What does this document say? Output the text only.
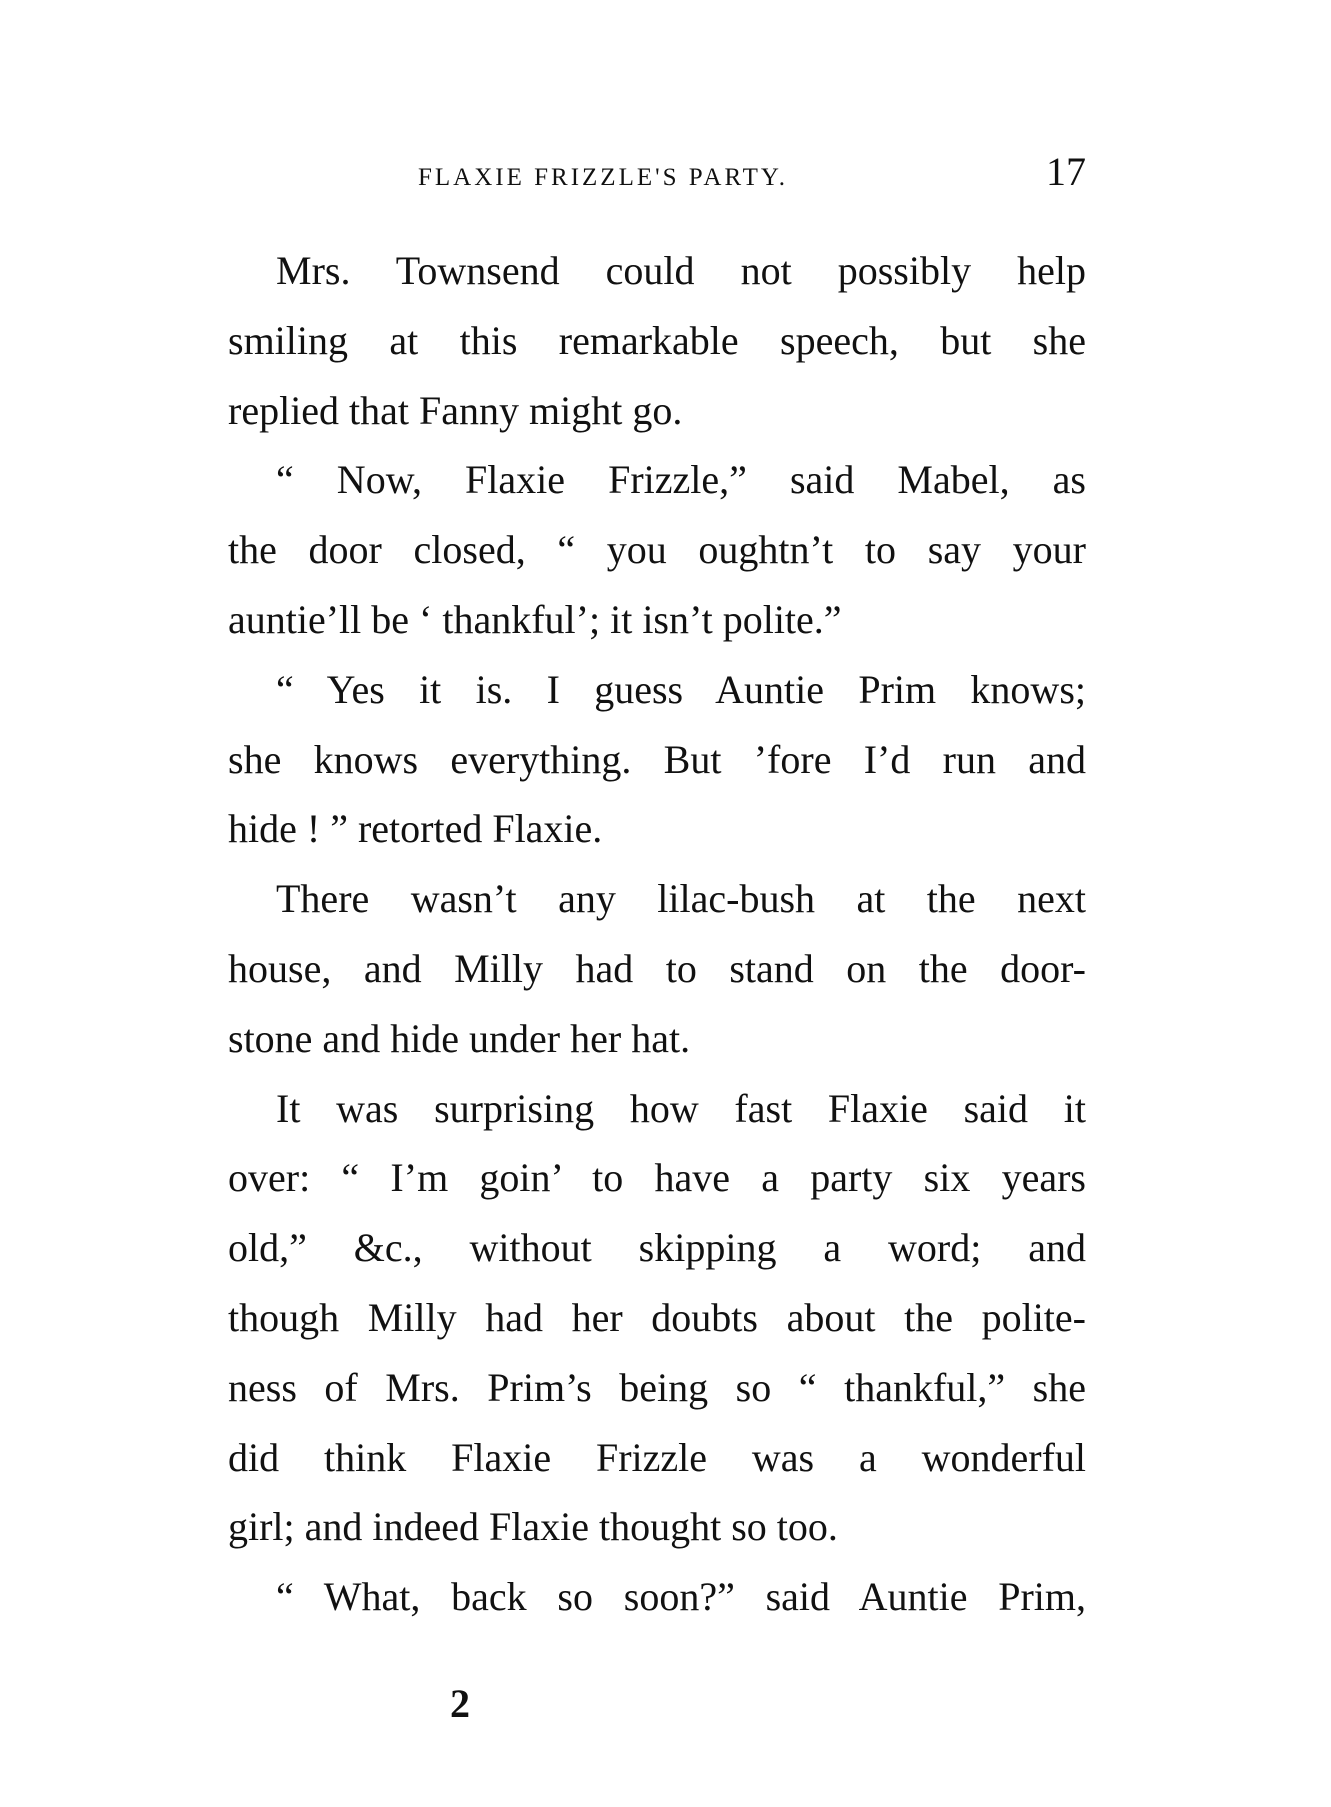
FLAXIE FRIZZLE'S PARTY.	17
Mrs. Townsend could not possibly help
smiling at this remarkable speech, but she
replied that Fanny might go.
“ Now, Flaxie Frizzle,” said Mabel, as
the door closed, “ you oughtn’t to say your
auntie’ll be ‘ thankful’; it isn’t polite.”
“ Yes it is. I guess Auntie Prim knows;
she knows everything. But ’fore I’d run and
hide ! ” retorted Flaxie.
There wasn’t any lilac-bush at the next
house, and Milly had to stand on the door-
stone and hide under her hat.
It was surprising how fast Flaxie said it
over: “ I’m goin’ to have a party six years
old,” &c., without skipping a word; and
though Milly had her doubts about the polite-
ness of Mrs. Prim’s being so “ thankful,” she
did think Flaxie Frizzle was a wonderful
girl; and indeed Flaxie thought so too.
“ What, back so soon?” said Auntie Prim,
2
